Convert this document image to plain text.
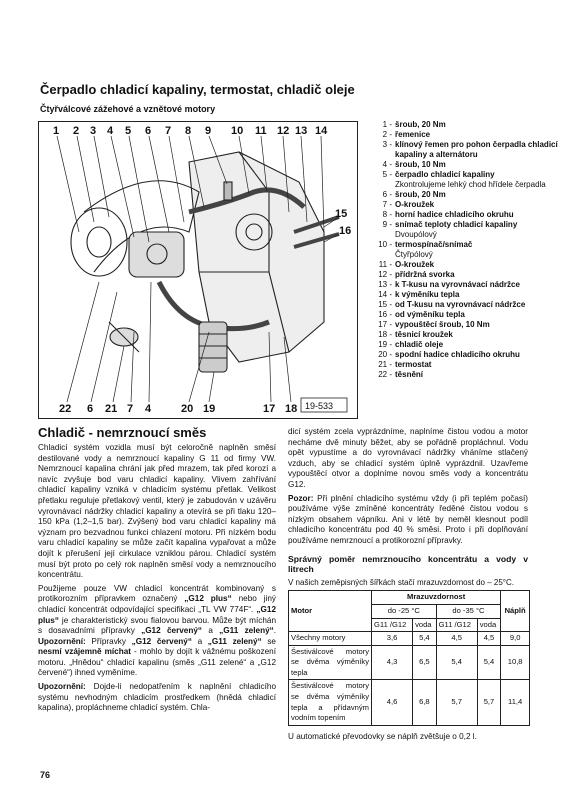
Čerpadlo chladicí kapaliny, termostat, chladič oleje
Čtyřválcové zážehové a vznětové motory
1 2 3 4 5 6 7 8 9 10 11 12 13 14
15
16
22 6 21 7 4	20 19	17 18 19-533
1 - šroub, 20 Nm
2 - řemenice
3 - klínový řemen pro pohon čerpadla chladicí kapaliny a alternátoru
4 - šroub, 10 Nm
5 - čerpadlo chladicí kapaliny
Zkontrolujeme lehký chod hřídele čerpadla
6 - šroub, 20 Nm
7 - O-kroužek
8 - horní hadice chladicího okruhu
9 - snímač teploty chladicí kapaliny
Dvoupólový
10 - termospínač/snímač
Čtyřpólový
11 - O-kroužek
12 - přídržná svorka
13 - k T-kusu na vyrovnávací nádržce
14 - k výměníku tepla
15 - od T-kusu na vyrovnávací nádržce
16 - od výměníku tepla
17 - vypouštěcí šroub, 10 Nm
18 - těsnicí kroužek
19 - chladič oleje
20 - spodní hadice chladicího okruhu
21 - termostat
22 - těsnění
Chladič - nemrznoucí směs

Chladicí systém vozidla musí být celoročně naplněn směsí destilované vody a nemrznoucí kapaliny G 11 od firmy VW. Nemrznoucí kapalina chrání jak před mrazem, tak před korozí a navíc zvyšuje bod varu chladicí kapaliny. Vlivem zahřívání chladicí kapaliny vzniká v chladicím systému přetlak. Velikost přetlaku reguluje přetlakový ventil, který je zabudován v uzávěru vyrovnávací nádržky chladicí kapaliny a otevírá se při tlaku 120–150 kPa (1,2–1,5 bar). Zvýšený bod varu chladicí kapaliny má význam pro bezvadnou funkci chlazení motoru. Při nízkém bodu varu chladicí kapaliny se může začít kapalina vypařovat a může dojít k přerušení její cirkulace vzniklou párou. Chladicí systém musí být proto po celý rok naplněn směsí vody a nemrznoucího koncentrátu.

Použijeme pouze VW chladicí koncentrát kombinovaný s protikorozním přípravkem označený „G12 plus“ nebo jiný chladicí koncentrát odpovídající specifikaci „TL VW 774F“. „G12 plus“ je charakteristický svou fialovou barvou. Může být míchán s dosavadními přípravky „G12 červený“ a „G11 zelený“. Upozornění: Přípravky „G12 červený“ a „G11 zelený“ se nesmí vzájemně míchat - mohlo by dojít k vážnému poškození motoru. „Hnědou“ chladicí kapalinu (směs „G11 zelené“ a „G12 červené“) ihned vyměníme.

Upozornění: Dojde-li nedopatřením k naplnění chladicího systému nevhodným chladicím prostředkem (hnědá chladicí kapalina), propláchneme chladicí systém. Chla-

dicí systém zcela vyprázdníme, naplníme čistou vodou a motor necháme dvě minuty běžet, aby se pořádně propláchnul. Vodu opět vypustíme a do vyrovnávací nádržky vháníme stlačený vzduch, aby se chladicí systém úplně vyprázdnil. Uzavřeme vypouštěcí otvor a doplníme novou směs vody a koncentrátu G12.

Pozor: Při plnění chladicího systému vždy (i při teplém počasí) používáme výše zmíněné koncentráty ředěné čistou vodou s nízkým obsahem vápníku. Ani v létě by neměl klesnout podíl chladicího koncentrátu pod 40 % směsi. Proto i při doplňování používáme nemrznoucí a protikorozní přípravky.

Správný poměr nemrznoucího koncentrátu a vody v litrech
V našich zeměpisných šířkách stačí mrazuvzdornost do – 25°C.
Motor	Mrazuvzdornost				Náplň
	do -25 °C		do -35 °C		
	G11 /G12	voda	G11 /G12	voda	
Všechny motory	3,6	5,4	4,5	4,5	9,0
Šestiválcové motory se dvěma výměníky tepla	4,3	6,5	5,4	5,4	10,8
Šestiválcové motory se dvěma výměníky tepla a přídavným vodním topením	4,6	6,8	5,7	5,7	11,4
U automatické převodovky se náplň zvětšuje o 0,2 l.
76
